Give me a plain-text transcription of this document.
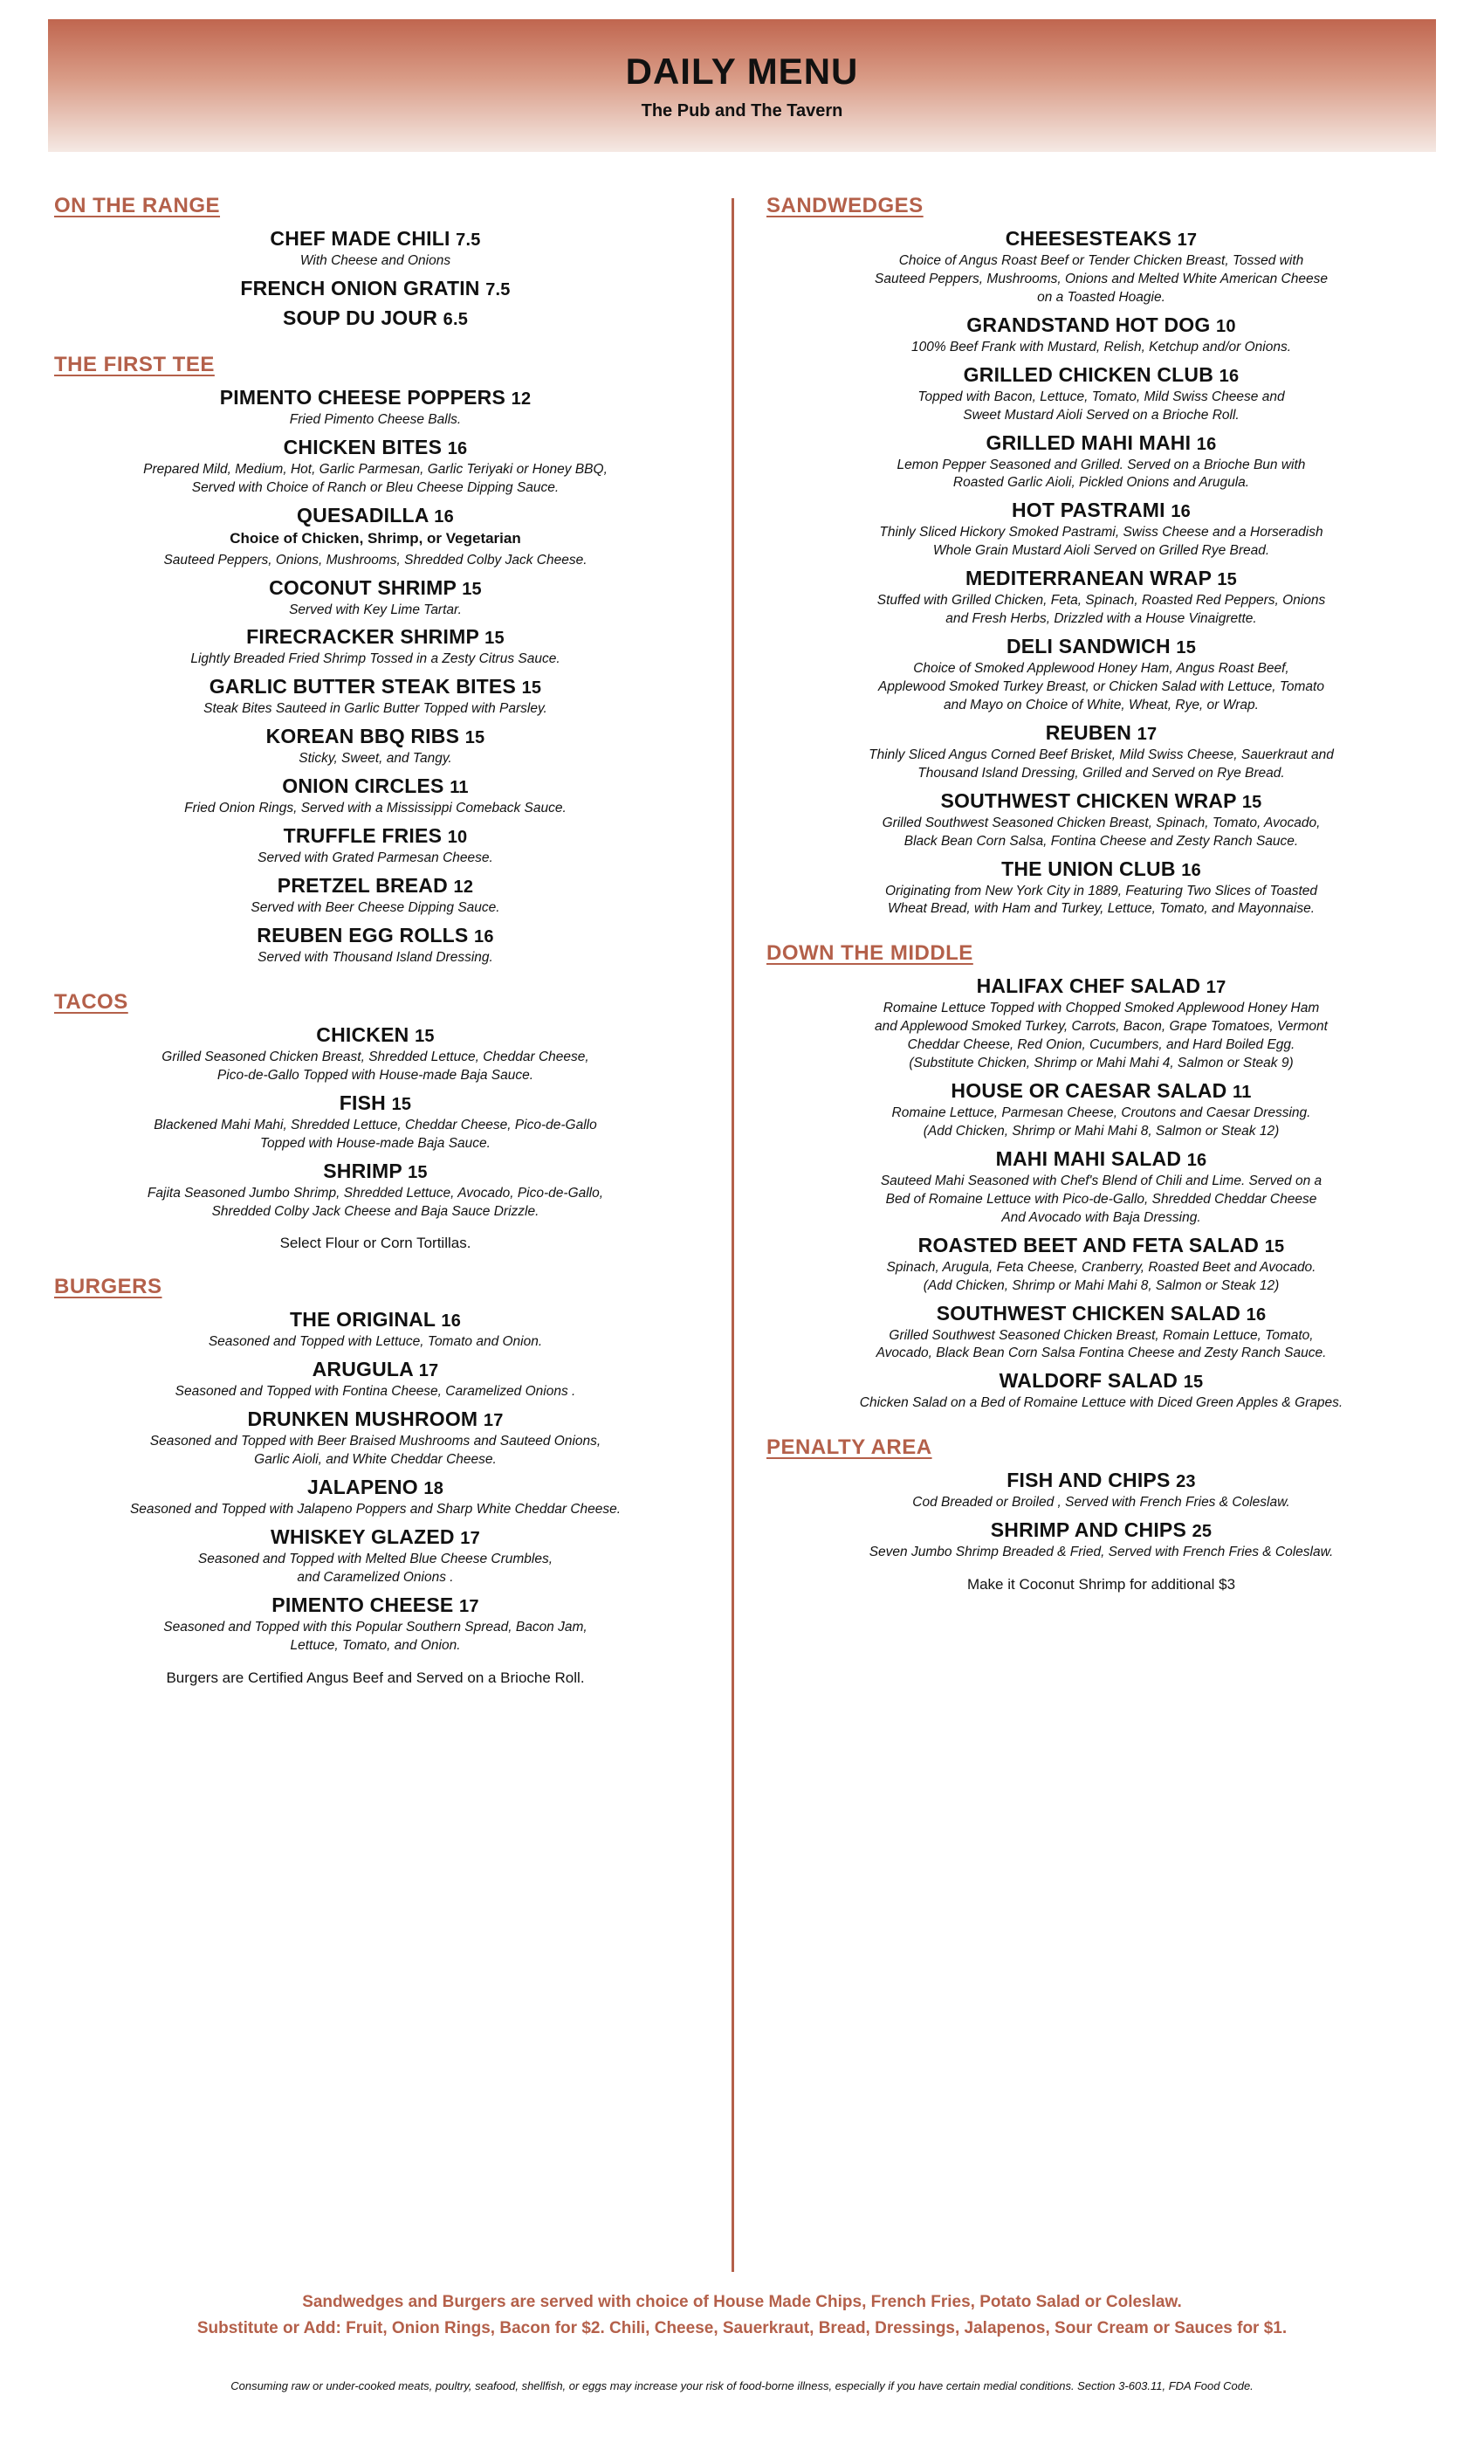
DAILY MENU
The Pub and The Tavern
ON THE RANGE
CHEF MADE CHILI 7.5
With Cheese and Onions
FRENCH ONION GRATIN 7.5
SOUP DU JOUR 6.5
THE FIRST TEE
PIMENTO CHEESE POPPERS 12
Fried Pimento Cheese Balls.
CHICKEN BITES 16
Prepared Mild, Medium, Hot, Garlic Parmesan, Garlic Teriyaki or Honey BBQ,
Served with Choice of Ranch or Bleu Cheese Dipping Sauce.
QUESADILLA 16
Choice of Chicken, Shrimp, or Vegetarian
Sauteed Peppers, Onions, Mushrooms, Shredded Colby Jack Cheese.
COCONUT SHRIMP 15
Served with Key Lime Tartar.
FIRECRACKER SHRIMP 15
Lightly Breaded Fried Shrimp Tossed in a Zesty Citrus Sauce.
GARLIC BUTTER STEAK BITES 15
Steak Bites Sauteed in Garlic Butter Topped with Parsley.
KOREAN BBQ RIBS 15
Sticky, Sweet, and Tangy.
ONION CIRCLES 11
Fried Onion Rings, Served with a Mississippi Comeback Sauce.
TRUFFLE FRIES 10
Served with Grated Parmesan Cheese.
PRETZEL BREAD 12
Served with Beer Cheese Dipping Sauce.
REUBEN EGG ROLLS 16
Served with Thousand Island Dressing.
TACOS
CHICKEN 15
Grilled Seasoned Chicken Breast, Shredded Lettuce, Cheddar Cheese,
Pico-de-Gallo Topped with House-made Baja Sauce.
FISH 15
Blackened Mahi Mahi, Shredded Lettuce, Cheddar Cheese, Pico-de-Gallo
Topped with House-made Baja Sauce.
SHRIMP 15
Fajita Seasoned Jumbo Shrimp, Shredded Lettuce, Avocado, Pico-de-Gallo,
Shredded Colby Jack Cheese and Baja Sauce Drizzle.
Select Flour or Corn Tortillas.
BURGERS
THE ORIGINAL 16
Seasoned and Topped with Lettuce, Tomato and Onion.
ARUGULA 17
Seasoned and Topped with Fontina Cheese, Caramelized Onions .
DRUNKEN MUSHROOM 17
Seasoned and Topped with Beer Braised Mushrooms and Sauteed Onions,
Garlic Aioli, and White Cheddar Cheese.
JALAPENO 18
Seasoned and Topped with Jalapeno Poppers and Sharp White Cheddar Cheese.
WHISKEY GLAZED 17
Seasoned and Topped with Melted Blue Cheese Crumbles,
and Caramelized Onions .
PIMENTO CHEESE 17
Seasoned and Topped with this Popular Southern Spread, Bacon Jam,
Lettuce, Tomato, and Onion.
Burgers are Certified Angus Beef and Served on a Brioche Roll.
SANDWEDGES
CHEESESTEAKS 17
Choice of Angus Roast Beef or Tender Chicken Breast, Tossed with
Sauteed Peppers, Mushrooms, Onions and Melted White American Cheese
on a Toasted Hoagie.
GRANDSTAND HOT DOG 10
100% Beef Frank with Mustard, Relish, Ketchup and/or Onions.
GRILLED CHICKEN CLUB 16
Topped with Bacon, Lettuce, Tomato, Mild Swiss Cheese and
Sweet Mustard Aioli Served on a Brioche Roll.
GRILLED MAHI MAHI 16
Lemon Pepper Seasoned and Grilled. Served on a Brioche Bun with
Roasted Garlic Aioli, Pickled Onions and Arugula.
HOT PASTRAMI 16
Thinly Sliced Hickory Smoked Pastrami, Swiss Cheese and a Horseradish
Whole Grain Mustard Aioli Served on Grilled Rye Bread.
MEDITERRANEAN WRAP 15
Stuffed with Grilled Chicken, Feta, Spinach, Roasted Red Peppers, Onions
and Fresh Herbs, Drizzled with a House Vinaigrette.
DELI SANDWICH 15
Choice of Smoked Applewood Honey Ham, Angus Roast Beef,
Applewood Smoked Turkey Breast, or Chicken Salad with Lettuce, Tomato
and Mayo on Choice of White, Wheat, Rye, or Wrap.
REUBEN 17
Thinly Sliced Angus Corned Beef Brisket, Mild Swiss Cheese, Sauerkraut and
Thousand Island Dressing, Grilled and Served on Rye Bread.
SOUTHWEST CHICKEN WRAP 15
Grilled Southwest Seasoned Chicken Breast, Spinach, Tomato, Avocado,
Black Bean Corn Salsa, Fontina Cheese and Zesty Ranch Sauce.
THE UNION CLUB 16
Originating from New York City in 1889, Featuring Two Slices of Toasted
Wheat Bread, with Ham and Turkey, Lettuce, Tomato, and Mayonnaise.
DOWN THE MIDDLE
HALIFAX CHEF SALAD 17
Romaine Lettuce Topped with Chopped Smoked Applewood Honey Ham
and Applewood Smoked Turkey, Carrots, Bacon, Grape Tomatoes, Vermont
Cheddar Cheese, Red Onion, Cucumbers, and Hard Boiled Egg.
(Substitute Chicken, Shrimp or Mahi Mahi 4, Salmon or Steak 9)
HOUSE OR CAESAR SALAD 11
Romaine Lettuce, Parmesan Cheese, Croutons and Caesar Dressing.
(Add Chicken, Shrimp or Mahi Mahi 8, Salmon or Steak 12)
MAHI MAHI SALAD 16
Sauteed Mahi Seasoned with Chef's Blend of Chili and Lime. Served on a
Bed of Romaine Lettuce with Pico-de-Gallo, Shredded Cheddar Cheese
And Avocado with Baja Dressing.
ROASTED BEET AND FETA SALAD 15
Spinach, Arugula, Feta Cheese, Cranberry, Roasted Beet and Avocado.
(Add Chicken, Shrimp or Mahi Mahi 8, Salmon or Steak 12)
SOUTHWEST CHICKEN SALAD 16
Grilled Southwest Seasoned Chicken Breast, Romain Lettuce, Tomato,
Avocado, Black Bean Corn Salsa Fontina Cheese and Zesty Ranch Sauce.
WALDORF SALAD 15
Chicken Salad on a Bed of Romaine Lettuce with Diced Green Apples & Grapes.
PENALTY AREA
FISH AND CHIPS 23
Cod Breaded or Broiled , Served with French Fries & Coleslaw.
SHRIMP AND CHIPS 25
Seven Jumbo Shrimp Breaded & Fried, Served with French Fries & Coleslaw.
Make it Coconut Shrimp for additional $3
Sandwedges and Burgers are served with choice of House Made Chips, French Fries, Potato Salad or Coleslaw.
Substitute or Add: Fruit, Onion Rings, Bacon for $2. Chili, Cheese, Sauerkraut, Bread, Dressings, Jalapenos, Sour Cream or Sauces for $1.
Consuming raw or under-cooked meats, poultry, seafood, shellfish, or eggs may increase your risk of food-borne illness, especially if you have certain medial conditions. Section 3-603.11, FDA Food Code.
